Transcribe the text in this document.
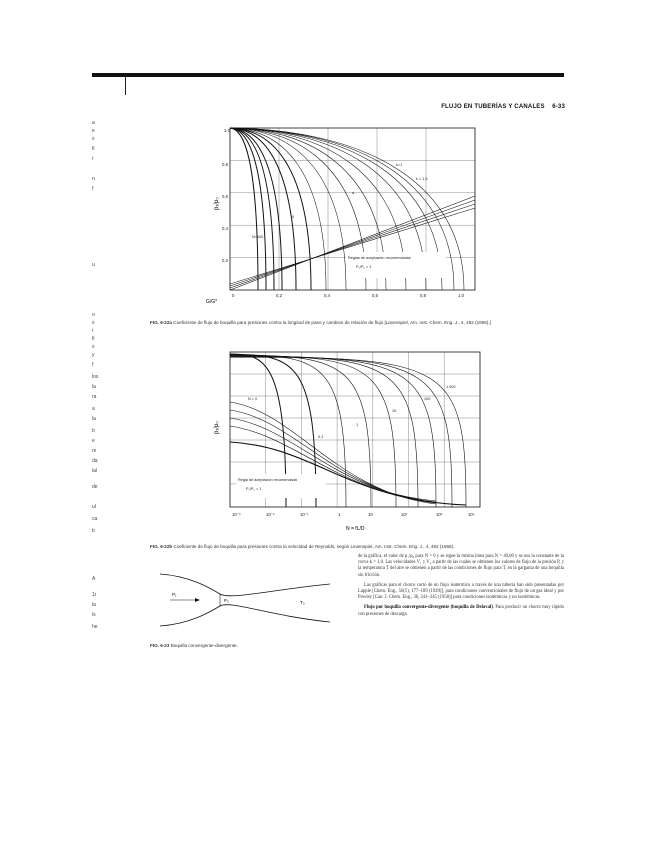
FLUJO EN TUBERÍAS Y CANALES 6-33
a
e
s
tl
r
n
f
u
o
s
r
tl
s
y
f
los
la
ra
a
la
b
e
re
da
lal
de
ul
ca
b
A
1r
la
ls
he
p₁/p₀
G/G*
1,0
0,8
0,6
0,4
0,2
0	0,2	0,4	0,6	0,8	1,0
k = 1,3
k=1
a
0
N=100
Reglas de aceptación recomendadas
P₁/P₀ = 1
FIG. 6-22a Coeficiente de flujo de boquilla para presiones contra la longitud de paso y cambios de relación de flujo [Lavenspiel, Am. Inst. Chem. Eng. J., 4, 482 (1958).]
p₁/p₀
N = fL/D
10⁻³	10⁻²	10⁻¹	1	10	10²	10³	10⁴
N = 0
0,1
1
10
100
1.000
Regla de aceptación recomendada
P₁/P₀ = 1
FIG. 6-22b Coeficiente de flujo de boquilla para presiones contra la velocidad de Reynolds, según Levenspiel, Am. Inst. Chem. Eng. J., 4, 482 (1958).
P₁
P₀	T₀
FIG. 6-23 Boquilla convergente-divergente.

de la gráfica, el valor de p₁/p₀ para N = 0 y se sigue la misma línea para N = 40,00 y se usa la constante de la curva k = 1,0. Las velocidades V₁ y V₂ a partir de las cuales se obtienen los valores de flujo de la presión P, y la temperatura T del aire se obtienen a partir de las condiciones de flujo para T, en la garganta de una boquilla sin fricción.

Las gráficas para el chorro corto de un flujo isotérmico a través de una tubería han sido presentadas por Lapple [Chem. Eng., 56(5), 177–189 (1949)], para condiciones convencionales de flujo de un gas ideal y por Powley [Can. J. Chem. Eng., 36, 241–245 (1958)] para condiciones isotérmicas y no isotérmicas.

Flujo por boquilla convergente-divergente (boquilla de Delaval). Para producir un chorro muy rápido con presiones de descarga
